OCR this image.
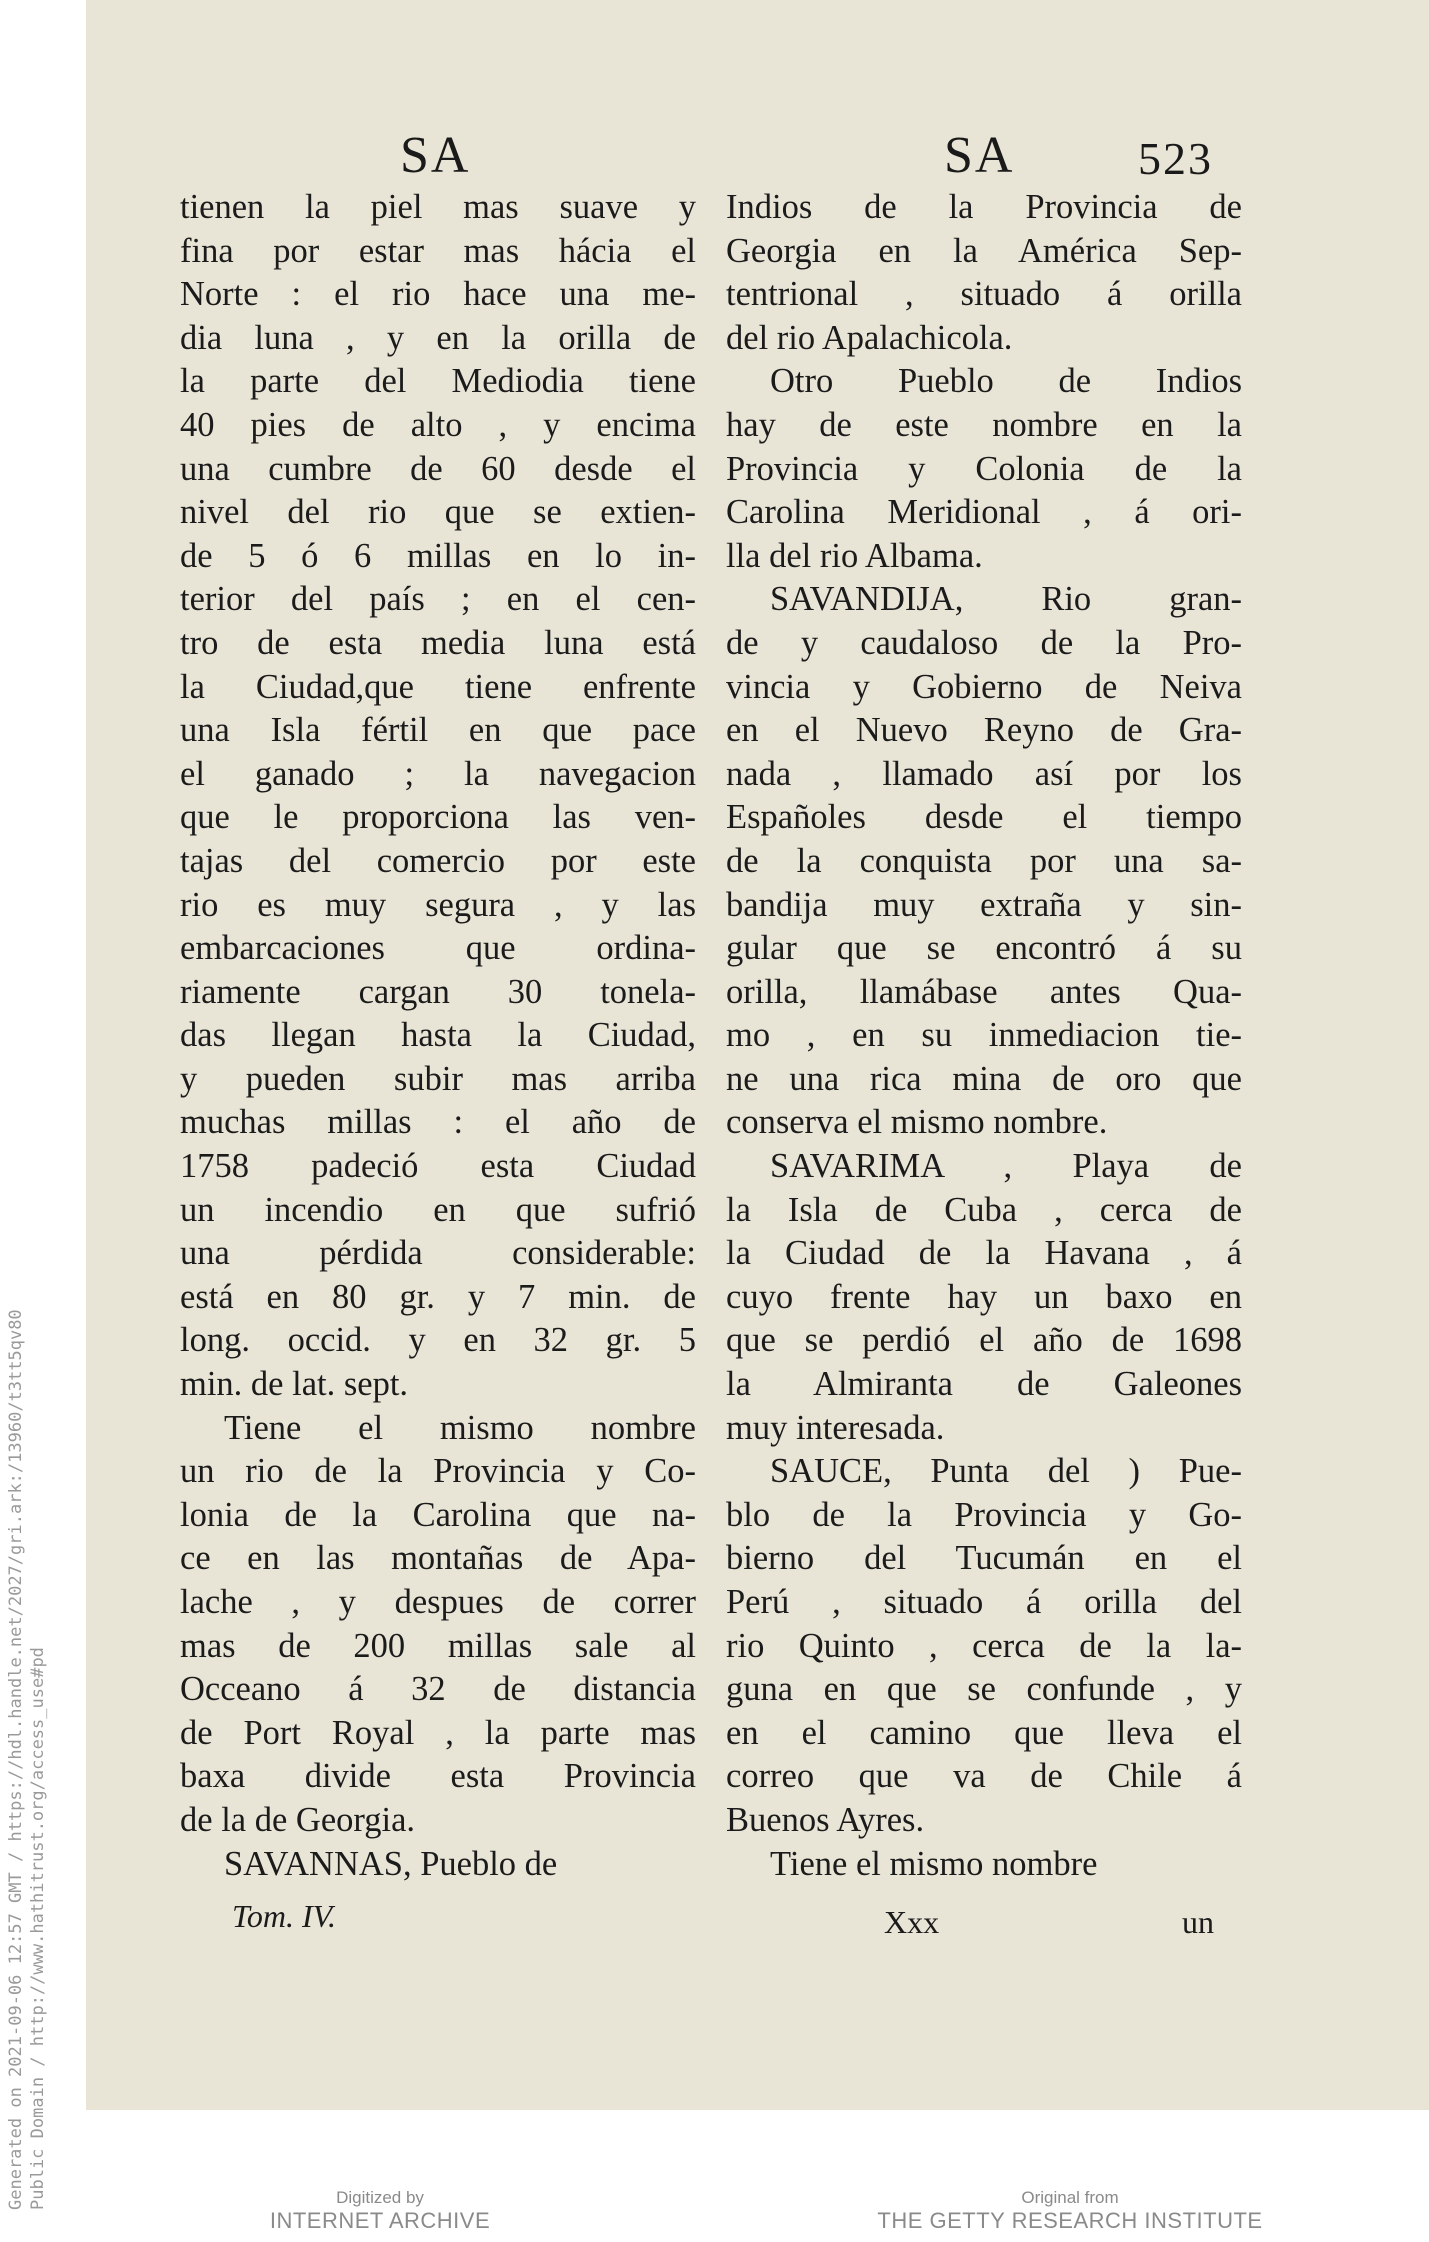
Generated on 2021-09-06 12:57 GMT / https://hdl.handle.net/2027/gri.ark:/13960/t3tt5qv80 Public Domain / http://www.hathitrust.org/access_use#pd
SA	SA	523
tienen la piel mas suave y
fina por estar mas hácia el
Norte : el rio hace una me-
dia luna , y en la orilla de
la parte del Mediodia tiene
40 pies de alto , y encima
una cumbre de 60 desde el
nivel del rio que se extien-
de 5 ó 6 millas en lo in-
terior del país ; en el cen-
tro de esta media luna está
la Ciudad,que tiene enfrente
una Isla fértil en que pace
el ganado ; la navegacion
que le proporciona las ven-
tajas del comercio por este
rio es muy segura , y las
embarcaciones que ordina-
riamente cargan 30 tonela-
das llegan hasta la Ciudad,
y pueden subir mas arriba
muchas millas : el año de
1758 padeció esta Ciudad
un incendio en que sufrió
una pérdida considerable:
está en 80 gr. y 7 min. de
long. occid. y en 32 gr. 5
min. de lat. sept.
Tiene el mismo nombre
un rio de la Provincia y Co-
lonia de la Carolina que na-
ce en las montañas de Apa-
lache , y despues de correr
mas de 200 millas sale al
Occeano á 32 de distancia
de Port Royal , la parte mas
baxa divide esta Provincia
de la de Georgia.
SAVANNAS, Pueblo de
Indios de la Provincia de
Georgia en la América Sep-
tentrional , situado á orilla
del rio Apalachicola.
Otro Pueblo de Indios
hay de este nombre en la
Provincia y Colonia de la
Carolina Meridional , á ori-
lla del rio Albama.
SAVANDIJA, Rio gran-
de y caudaloso de la Pro-
vincia y Gobierno de Neiva
en el Nuevo Reyno de Gra-
nada , llamado así por los
Españoles desde el tiempo
de la conquista por una sa-
bandija muy extraña y sin-
gular que se encontró á su
orilla, llamábase antes Qua-
mo , en su inmediacion tie-
ne una rica mina de oro que
conserva el mismo nombre.
SAVARIMA , Playa de
la Isla de Cuba , cerca de
la Ciudad de la Havana , á
cuyo frente hay un baxo en
que se perdió el año de 1698
la Almiranta de Galeones
muy interesada.
SAUCE, Punta del ) Pue-
blo de la Provincia y Go-
bierno del Tucumán en el
Perú , situado á orilla del
rio Quinto , cerca de la la-
guna en que se confunde , y
en el camino que lleva el
correo que va de Chile á
Buenos Ayres.
Tiene el mismo nombre
Tom. IV.	Xxx	un
Digitized by
INTERNET ARCHIVE
Original from
THE GETTY RESEARCH INSTITUTE
